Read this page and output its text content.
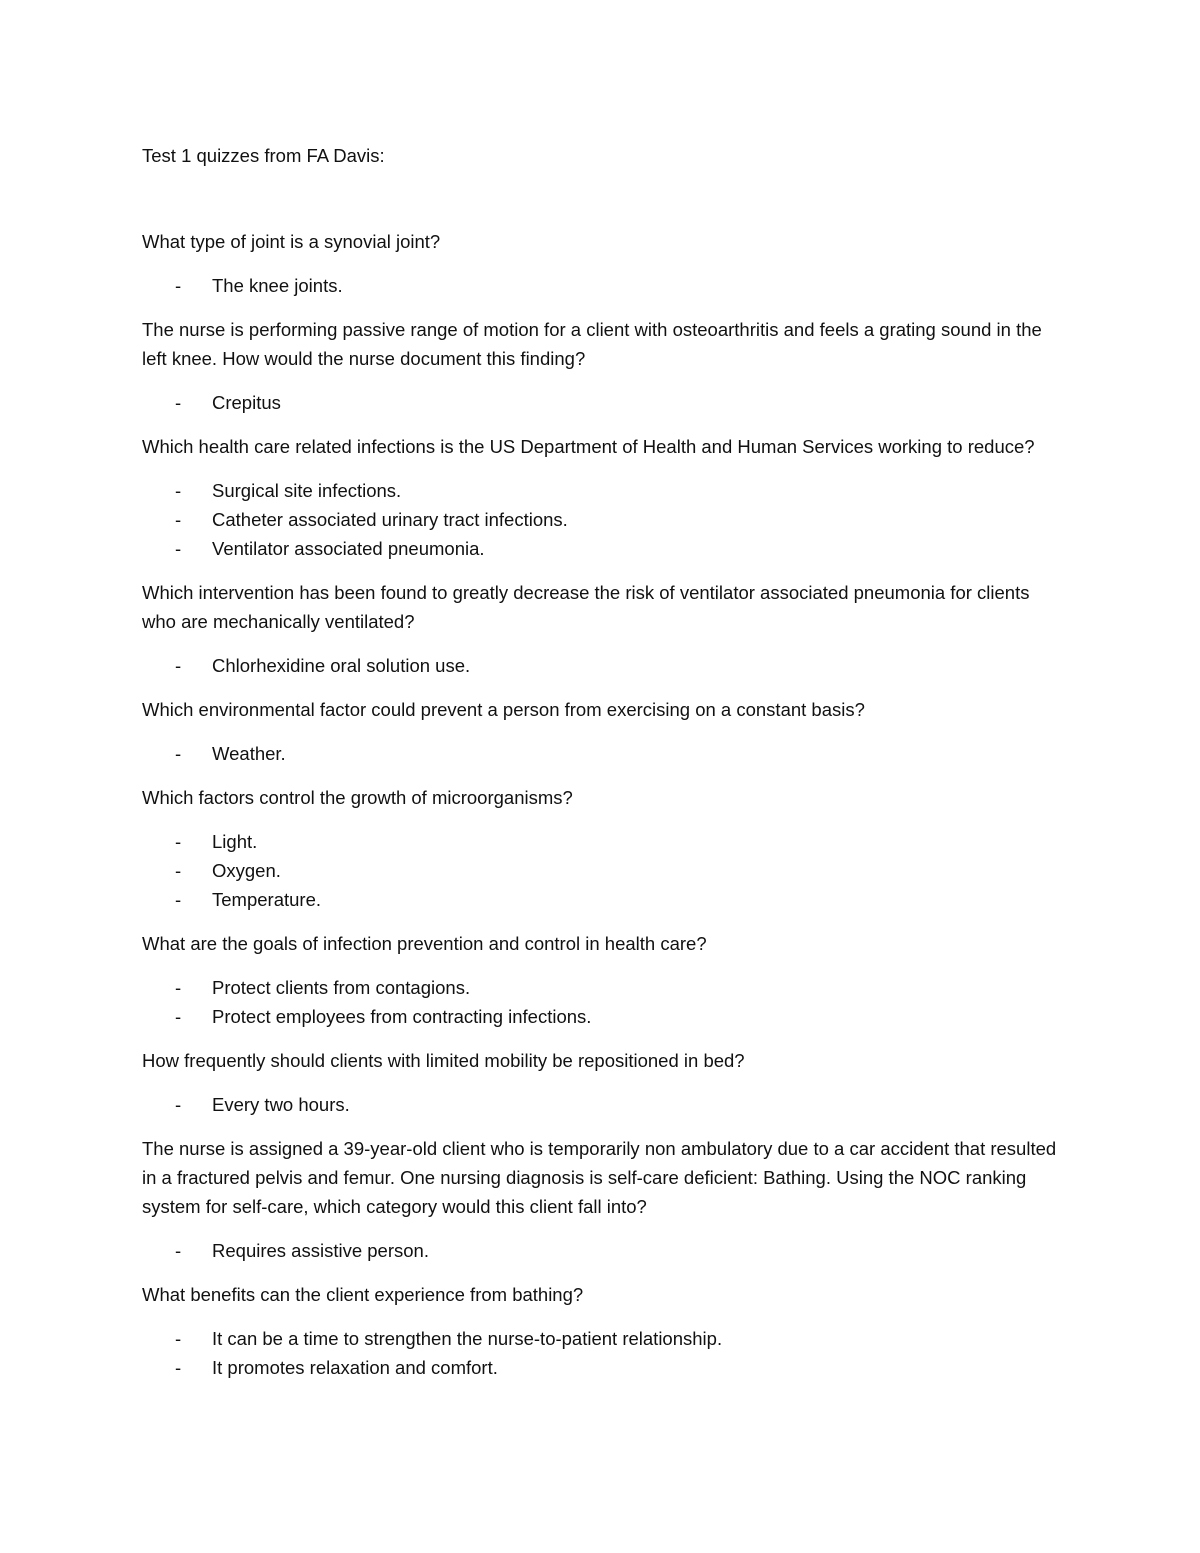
Test 1 quizzes from FA Davis:

What type of joint is a synovial joint?

- The knee joints.

The nurse is performing passive range of motion for a client with osteoarthritis and feels a grating sound in the left knee. How would the nurse document this finding?

- Crepitus

Which health care related infections is the US Department of Health and Human Services working to reduce?

- Surgical site infections.
- Catheter associated urinary tract infections.
- Ventilator associated pneumonia.

Which intervention has been found to greatly decrease the risk of ventilator associated pneumonia for clients who are mechanically ventilated?

- Chlorhexidine oral solution use.

Which environmental factor could prevent a person from exercising on a constant basis?

- Weather.

Which factors control the growth of microorganisms?

- Light.
- Oxygen.
- Temperature.

What are the goals of infection prevention and control in health care?

- Protect clients from contagions.
- Protect employees from contracting infections.

How frequently should clients with limited mobility be repositioned in bed?

- Every two hours.

The nurse is assigned a 39-year-old client who is temporarily non ambulatory due to a car accident that resulted in a fractured pelvis and femur. One nursing diagnosis is self-care deficient: Bathing. Using the NOC ranking system for self-care, which category would this client fall into?

- Requires assistive person.

What benefits can the client experience from bathing?

- It can be a time to strengthen the nurse-to-patient relationship.
- It promotes relaxation and comfort.
